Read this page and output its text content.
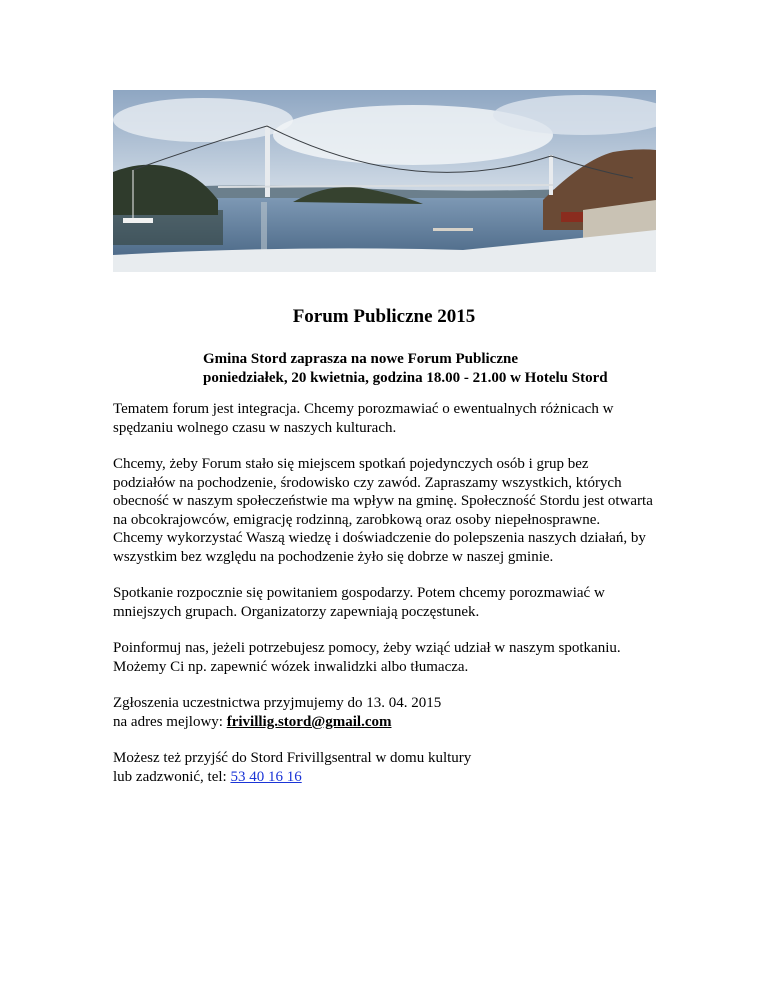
Forum Publiczne 2015
Gmina Stord zaprasza na nowe Forum Publiczne
poniedziałek, 20 kwietnia, godzina 18.00 - 21.00 w Hotelu Stord

Tematem forum jest integracja. Chcemy porozmawiać o ewentualnych różnicach w
spędzaniu wolnego czasu w naszych kulturach.

Chcemy, żeby Forum stało się miejscem spotkań pojedynczych osób i grup bez
podziałów na pochodzenie, środowisko czy zawód. Zapraszamy wszystkich, których
obecność w naszym społeczeństwie ma wpływ na gminę. Społeczność Stordu jest otwarta
na obcokrajowców, emigrację rodzinną, zarobkową oraz osoby niepełnosprawne.
Chcemy wykorzystać Waszą wiedzę i doświadczenie do polepszenia naszych działań, by
wszystkim bez względu na pochodzenie żyło się dobrze w naszej gminie.

Spotkanie rozpocznie się powitaniem gospodarzy. Potem chcemy porozmawiać w
mniejszych grupach. Organizatorzy zapewniają poczęstunek.

Poinformuj nas, jeżeli potrzebujesz pomocy, żeby wziąć udział w naszym spotkaniu.
Możemy Ci np. zapewnić wózek inwalidzki albo tłumacza.

Zgłoszenia uczestnictwa przyjmujemy do 13. 04. 2015
na adres mejlowy: frivillig.stord@gmail.com

Możesz też przyjść do Stord Frivillgsentral w domu kultury
lub zadzwonić, tel: 53 40 16 16
